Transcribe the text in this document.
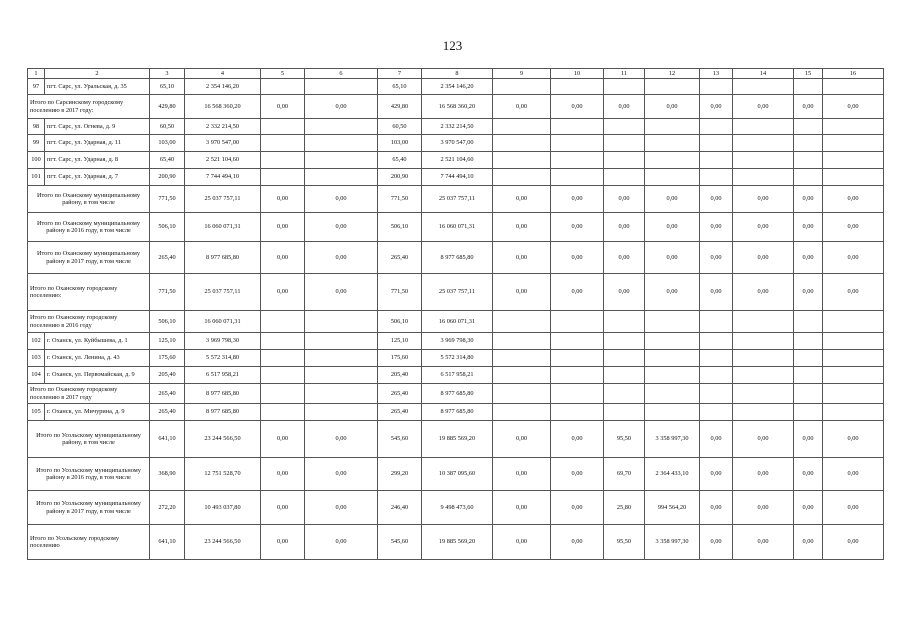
123
1	2	3	4	5	6	7	8	9	10	11	12	13	14	15	16
97	пгт. Сарс, ул. Уральская, д. 35	65,10	2 354 146,20			65,10	2 354 146,20								
Итого по Сарсинскому городскому поселению в 2017 году:		429,80	16 568 360,20	0,00	0,00	429,80	16 568 360,20	0,00	0,00	0,00	0,00	0,00	0,00	0,00	0,00
98	пгт. Сарс, ул. Огнева, д. 9	60,50	2 332 214,50			60,50	2 332 214,50								
99	пгт. Сарс, ул. Ударная, д. 11	103,00	3 970 547,00			103,00	3 970 547,00								
100	пгт. Сарс, ул. Ударная, д. 8	65,40	2 521 104,60			65,40	2 521 104,60								
101	пгт. Сарс, ул. Ударная, д. 7	200,90	7 744 494,10			200,90	7 744 494,10								
Итого по Оханскому муниципальному району, в том числе		771,50	25 037 757,11	0,00	0,00	771,50	25 037 757,11	0,00	0,00	0,00	0,00	0,00	0,00	0,00	0,00
Итого по Оханскому муниципальному району в 2016 году, в том числе		506,10	16 060 071,31	0,00	0,00	506,10	16 060 071,31	0,00	0,00	0,00	0,00	0,00	0,00	0,00	0,00
Итого по Оханскому муниципальному району в 2017 году, в том числе		265,40	8 977 685,80	0,00	0,00	265,40	8 977 685,80	0,00	0,00	0,00	0,00	0,00	0,00	0,00	0,00
Итого по Оханскому городскому поселению:		771,50	25 037 757,11	0,00	0,00	771,50	25 037 757,11	0,00	0,00	0,00	0,00	0,00	0,00	0,00	0,00
Итого по Оханскому городскому поселению в 2016 году		506,10	16 060 071,31			506,10	16 060 071,31								
102	г. Оханск, ул. Куйбышева, д. 1	125,10	3 969 798,30			125,10	3 969 798,30								
103	г. Оханск, ул. Ленина, д. 43	175,60	5 572 314,80			175,60	5 572 314,80								
104	г. Оханск, ул. Первомайская, д. 9	205,40	6 517 958,21			205,40	6 517 958,21								
Итого по Оханскому городскому поселению в 2017 году		265,40	8 977 685,80			265,40	8 977 685,80								
105	г. Оханск, ул. Мичурина, д. 9	265,40	8 977 685,80			265,40	8 977 685,80								
Итого по Усольскому муниципальному району, в том числе		641,10	23 244 566,50	0,00	0,00	545,60	19 885 569,20	0,00	0,00	95,50	3 358 997,30	0,00	0,00	0,00	0,00
Итого по Усольскому муниципальному району в 2016 году, в том числе		368,90	12 751 528,70	0,00	0,00	299,20	10 387 095,60	0,00	0,00	69,70	2 364 433,10	0,00	0,00	0,00	0,00
Итого по Усольскому муниципальному району в 2017 году, в том числе		272,20	10 493 037,80	0,00	0,00	246,40	9 498 473,60	0,00	0,00	25,80	994 564,20	0,00	0,00	0,00	0,00
Итого по Усольскому городскому поселению		641,10	23 244 566,50	0,00	0,00	545,60	19 885 569,20	0,00	0,00	95,50	3 358 997,30	0,00	0,00	0,00	0,00
